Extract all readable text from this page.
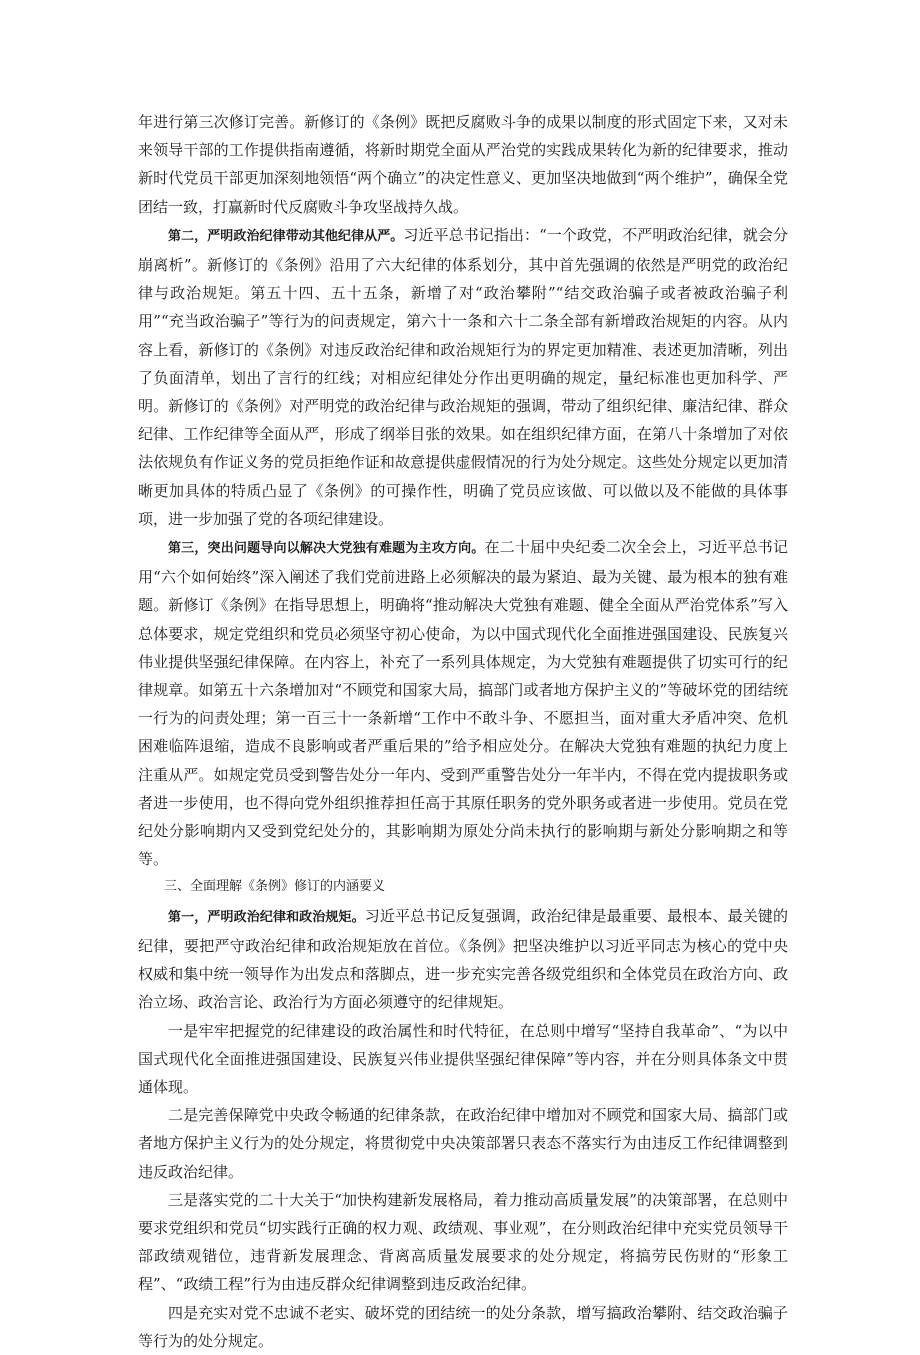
年进行第三次修订完善。新修订的《条例》既把反腐败斗争的成果以制度的形式固定下来，又对未来领导干部的工作提供指南遵循，将新时期党全面从严治党的实践成果转化为新的纪律要求，推动新时代党员干部更加深刻地领悟“两个确立”的决定性意义、更加坚决地做到“两个维护”，确保全党团结一致，打赢新时代反腐败斗争攻坚战持久战。

第二，严明政治纪律带动其他纪律从严。习近平总书记指出：“一个政党，不严明政治纪律，就会分崩离析”。新修订的《条例》沿用了六大纪律的体系划分，其中首先强调的依然是严明党的政治纪律与政治规矩。第五十四、五十五条，新增了对“政治攀附”“结交政治骗子或者被政治骗子利用”“充当政治骗子”等行为的问责规定，第六十一条和六十二条全部有新增政治规矩的内容。从内容上看，新修订的《条例》对违反政治纪律和政治规矩行为的界定更加精准、表述更加清晰，列出了负面清单，划出了言行的红线；对相应纪律处分作出更明确的规定，量纪标准也更加科学、严明。新修订的《条例》对严明党的政治纪律与政治规矩的强调，带动了组织纪律、廉洁纪律、群众纪律、工作纪律等全面从严，形成了纲举目张的效果。如在组织纪律方面，在第八十条增加了对依法依规负有作证义务的党员拒绝作证和故意提供虚假情况的行为处分规定。这些处分规定以更加清晰更加具体的特质凸显了《条例》的可操作性，明确了党员应该做、可以做以及不能做的具体事项，进一步加强了党的各项纪律建设。

第三，突出问题导向以解决大党独有难题为主攻方向。在二十届中央纪委二次全会上，习近平总书记用“六个如何始终”深入阐述了我们党前进路上必须解决的最为紧迫、最为关键、最为根本的独有难题。新修订《条例》在指导思想上，明确将“推动解决大党独有难题、健全全面从严治党体系”写入总体要求，规定党组织和党员必须坚守初心使命，为以中国式现代化全面推进强国建设、民族复兴伟业提供坚强纪律保障。在内容上，补充了一系列具体规定，为大党独有难题提供了切实可行的纪律规章。如第五十六条增加对“不顾党和国家大局，搞部门或者地方保护主义的”等破坏党的团结统一行为的问责处理；第一百三十一条新增“工作中不敢斗争、不愿担当，面对重大矛盾冲突、危机困难临阵退缩，造成不良影响或者严重后果的”给予相应处分。在解决大党独有难题的执纪力度上注重从严。如规定党员受到警告处分一年内、受到严重警告处分一年半内，不得在党内提拔职务或者进一步使用，也不得向党外组织推荐担任高于其原任职务的党外职务或者进一步使用。党员在党纪处分影响期内又受到党纪处分的，其影响期为原处分尚未执行的影响期与新处分影响期之和等等。

三、全面理解《条例》修订的内涵要义

第一，严明政治纪律和政治规矩。习近平总书记反复强调，政治纪律是最重要、最根本、最关键的纪律，要把严守政治纪律和政治规矩放在首位。《条例》把坚决维护以习近平同志为核心的党中央权威和集中统一领导作为出发点和落脚点，进一步充实完善各级党组织和全体党员在政治方向、政治立场、政治言论、政治行为方面必须遵守的纪律规矩。

一是牢牢把握党的纪律建设的政治属性和时代特征，在总则中增写“坚持自我革命”、“为以中国式现代化全面推进强国建设、民族复兴伟业提供坚强纪律保障”等内容，并在分则具体条文中贯通体现。

二是完善保障党中央政令畅通的纪律条款，在政治纪律中增加对不顾党和国家大局、搞部门或者地方保护主义行为的处分规定，将贯彻党中央决策部署只表态不落实行为由违反工作纪律调整到违反政治纪律。

三是落实党的二十大关于“加快构建新发展格局，着力推动高质量发展”的决策部署，在总则中要求党组织和党员“切实践行正确的权力观、政绩观、事业观”，在分则政治纪律中充实党员领导干部政绩观错位，违背新发展理念、背离高质量发展要求的处分规定，将搞劳民伤财的“形象工程”、“政绩工程”行为由违反群众纪律调整到违反政治纪律。

四是充实对党不忠诚不老实、破坏党的团结统一的处分条款，增写搞政治攀附、结交政治骗子等行为的处分规定。
